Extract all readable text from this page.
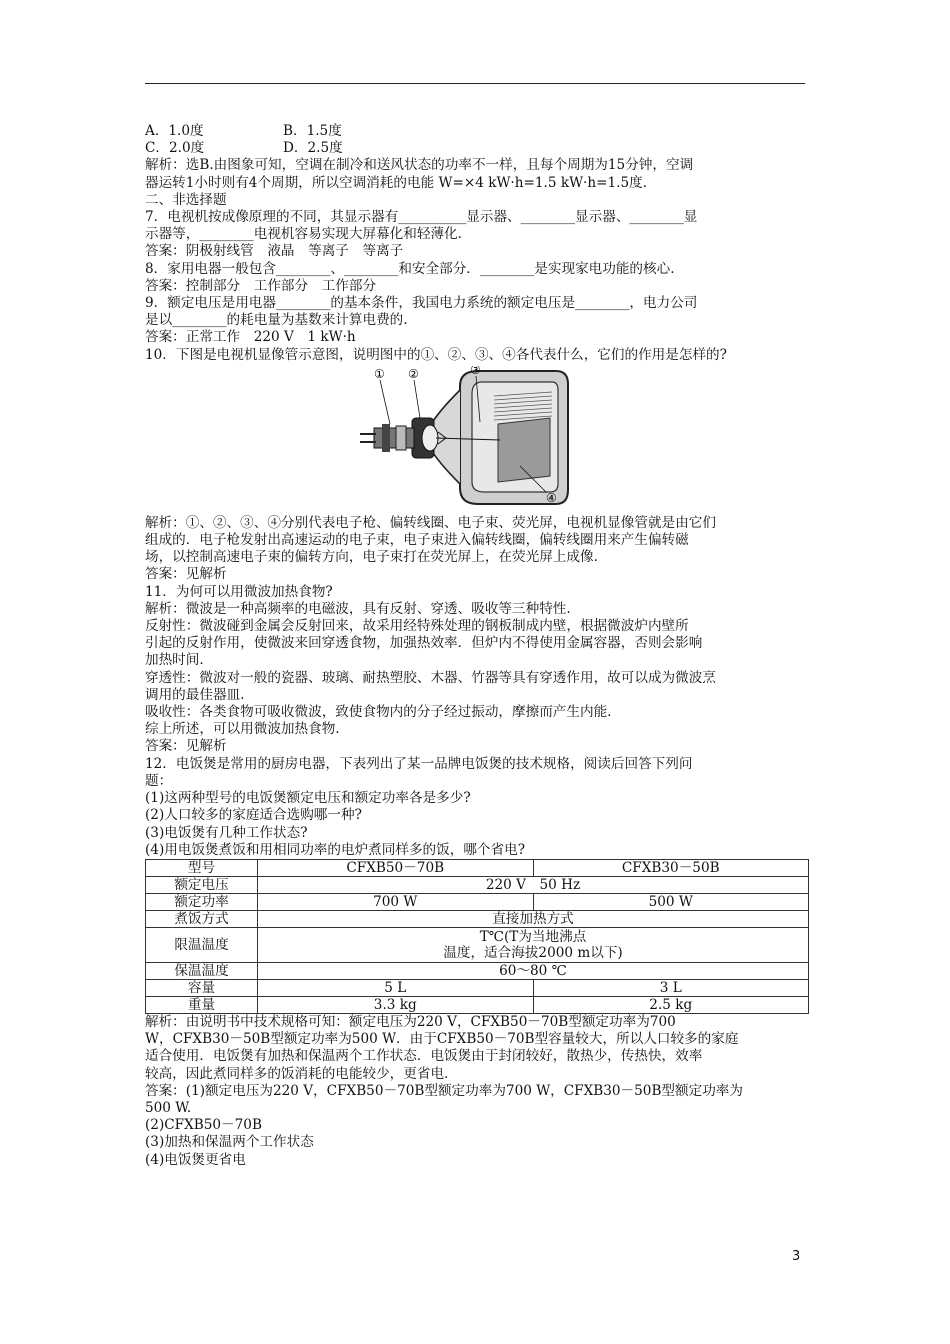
A．1.0度	B．1.5度
C．2.0度	D．2.5度
解析：选B.由图象可知，空调在制冷和送风状态的功率不一样，且每个周期为15分钟，空调
器运转1小时则有4个周期，所以空调消耗的电能 W=×4 kW·h=1.5 kW·h=1.5度.
二、非选择题
7．电视机按成像原理的不同，其显示器有__________显示器、________显示器、________显
示器等，________电视机容易实现大屏幕化和轻薄化.
答案：阴极射线管　液晶　等离子　等离子
8．家用电器一般包含________、________和安全部分．________是实现家电功能的核心.
答案：控制部分　工作部分　工作部分
9．额定电压是用电器________的基本条件，我国电力系统的额定电压是________，电力公司
是以________的耗电量为基数来计算电费的.
答案：正常工作　220 V　1 kW·h
10．下图是电视机显像管示意图，说明图中的①、②、③、④各代表什么，它们的作用是怎样的?
① ②	③
④
解析：①、②、③、④分别代表电子枪、偏转线圈、电子束、荧光屏，电视机显像管就是由它们
组成的．电子枪发射出高速运动的电子束，电子束进入偏转线圈，偏转线圈用来产生偏转磁
场，以控制高速电子束的偏转方向，电子束打在荧光屏上，在荧光屏上成像.
答案：见解析
11．为何可以用微波加热食物?
解析：微波是一种高频率的电磁波，具有反射、穿透、吸收等三种特性.
反射性：微波碰到金属会反射回来，故采用经特殊处理的钢板制成内壁，根据微波炉内壁所
引起的反射作用，使微波来回穿透食物，加强热效率．但炉内不得使用金属容器，否则会影响
加热时间.
穿透性：微波对一般的瓷器、玻璃、耐热塑胶、木器、竹器等具有穿透作用，故可以成为微波烹
调用的最佳器皿.
吸收性：各类食物可吸收微波，致使食物内的分子经过振动，摩擦而产生内能.
综上所述，可以用微波加热食物.
答案：见解析
12．电饭煲是常用的厨房电器，下表列出了某一品牌电饭煲的技术规格，阅读后回答下列问
题：
(1)这两种型号的电饭煲额定电压和额定功率各是多少?
(2)人口较多的家庭适合选购哪一种?
(3)电饭煲有几种工作状态?
(4)用电饭煲煮饭和用相同功率的电炉煮同样多的饭，哪个省电?
型号	CFXB50－70B	CFXB30－50B
额定电压	220 V　50 Hz	
额定功率	700 W	500 W
煮饭方式	直接加热方式	
限温温度	T℃(T为当地沸点
温度，适合海拔2000 m以下)	

保温温度	60～80 ℃	
容量	5 L	3 L
重量	3.3 kg	2.5 kg
解析：由说明书中技术规格可知：额定电压为220 V，CFXB50－70B型额定功率为700
W，CFXB30－50B型额定功率为500 W．由于CFXB50－70B型容量较大，所以人口较多的家庭
适合使用．电饭煲有加热和保温两个工作状态．电饭煲由于封闭较好，散热少，传热快，效率
较高，因此煮同样多的饭消耗的电能较少，更省电.
答案：(1)额定电压为220 V，CFXB50－70B型额定功率为700 W，CFXB30－50B型额定功率为
500 W.
(2)CFXB50－70B
(3)加热和保温两个工作状态
(4)电饭煲更省电
3
